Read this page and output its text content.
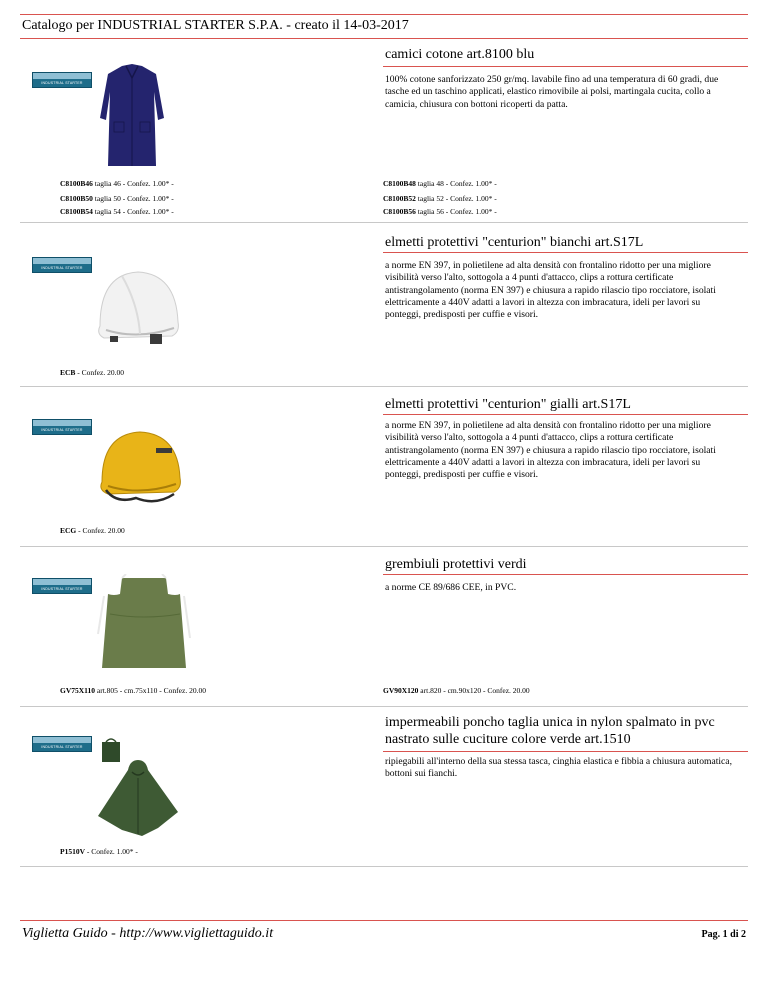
Catalogo per INDUSTRIAL STARTER S.P.A. - creato il 14-03-2017
camici cotone art.8100 blu
INDUSTRIAL STARTER	100% cotone sanforizzato 250 gr/mq. lavabile fino ad una temperatura di 60 gradi, due tasche ed un taschino applicati, elastico rimovibile ai polsi, martingala cucita, collo a camicia, chiusura con bottoni ricoperti da patta.
C8100B46 taglia 46 - Confez. 1.00* -	C8100B48 taglia 48 - Confez. 1.00* -
C8100B50 taglia 50 - Confez. 1.00* -	C8100B52 taglia 52 - Confez. 1.00* -
C8100B54 taglia 54 - Confez. 1.00* -	C8100B56 taglia 56 - Confez. 1.00* -
elmetti protettivi "centurion" bianchi art.S17L
INDUSTRIAL STARTER	a norme EN 397, in polietilene ad alta densità con frontalino ridotto per una migliore visibilità verso l'alto, sottogola a 4 punti d'attacco, clips a rottura certificate antistrangolamento (norma EN 397) e chiusura a rapido rilascio tipo rocciatore, isolati elettricamente a 440V adatti a lavori in altezza con imbracatura, ideli per lavori su ponteggi, predisposti per cuffie e visori.
ECB - Confez. 20.00
elmetti protettivi "centurion" gialli art.S17L
INDUSTRIAL STARTER	a norme EN 397, in polietilene ad alta densità con frontalino ridotto per una migliore visibilità verso l'alto, sottogola a 4 punti d'attacco, clips a rottura certificate antistrangolamento (norma EN 397) e chiusura a rapido rilascio tipo rocciatore, isolati elettricamente a 440V adatti a lavori in altezza con imbracatura, ideli per lavori su ponteggi, predisposti per cuffie e visori.
ECG - Confez. 20.00
grembiuli protettivi verdi
INDUSTRIAL STARTER	a norme CE 89/686 CEE, in PVC.
GV75X110 art.805 - cm.75x110 - Confez. 20.00	GV90X120 art.820 - cm.90x120 - Confez. 20.00
impermeabili poncho taglia unica in nylon spalmato in pvc nastrato sulle cuciture colore verde art.1510
INDUSTRIAL STARTER
ripiegabili all'interno della sua stessa tasca, cinghia elastica e fibbia a chiusura automatica, bottoni sui fianchi.
P1510V - Confez. 1.00* -
Viglietta Guido - http://www.vigliettaguido.it	Pag. 1 di 2
